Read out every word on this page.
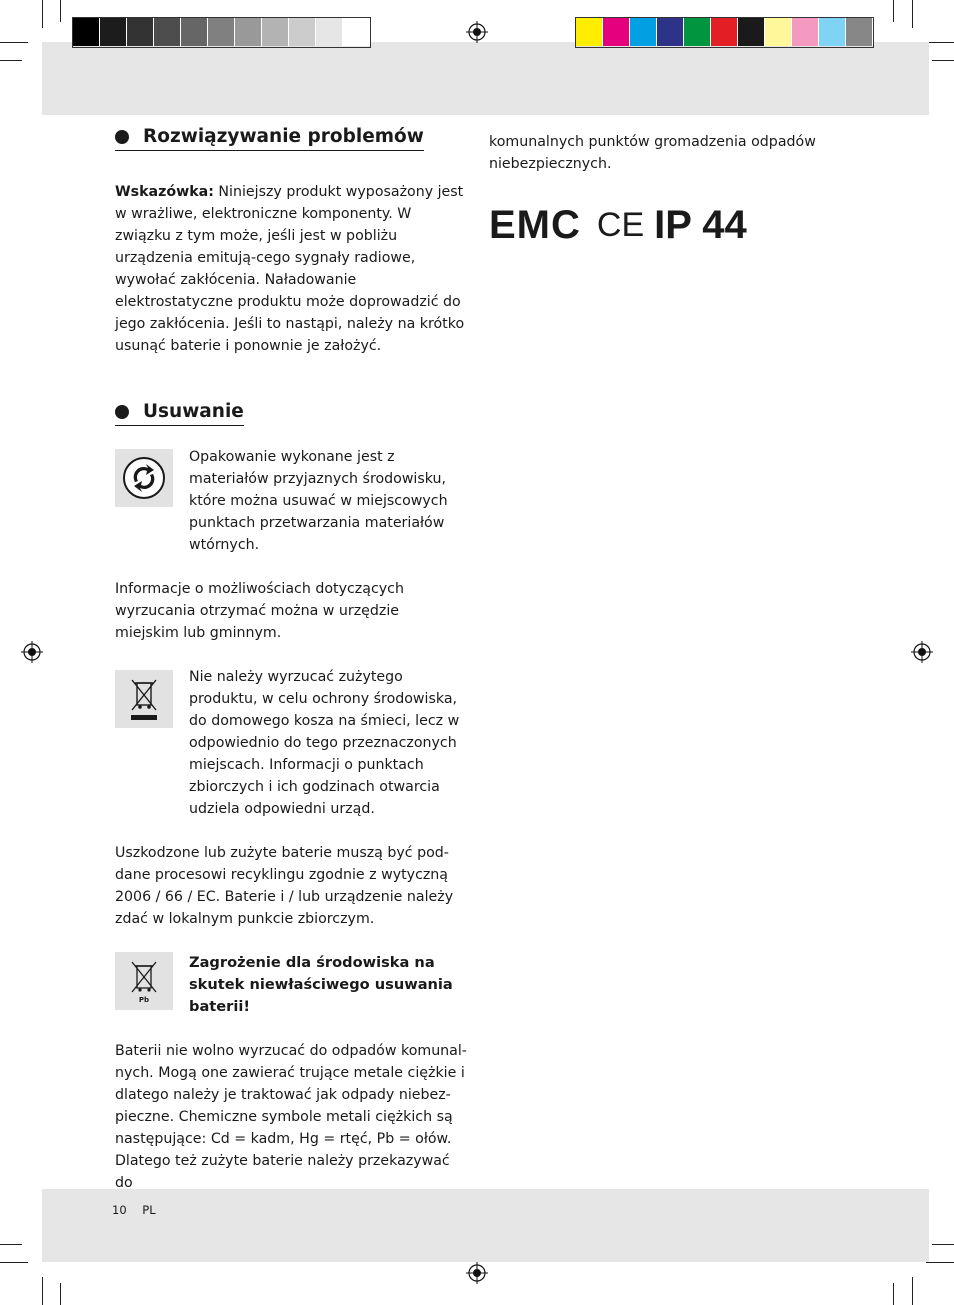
Rozwiązywanie problemów

Wskazówka: Niniejszy produkt wyposażony jest w wrażliwe, elektroniczne komponenty. W związku z tym może, jeśli jest w pobliżu urządzenia emitują-cego sygnały radiowe, wywołać zakłócenia. Naładowanie elektrostatyczne produktu może doprowadzić do jego zakłócenia. Jeśli to nastąpi, należy na krótko usunąć baterie i ponownie je założyć.

Usuwanie

Opakowanie wykonane jest z materiałów przyjaznych środowisku, które można usuwać w miejscowych punktach przetwarzania materiałów wtórnych.

Informacje o możliwościach dotyczących wyrzucania otrzymać można w urzędzie miejskim lub gminnym.

Nie należy wyrzucać zużytego produktu, w celu ochrony środowiska, do domowego kosza na śmieci, lecz w odpowiednio do tego przeznaczonych miejscach. Informacji o punktach zbiorczych i ich godzinach otwarcia udziela odpowiedni urząd.

Uszkodzone lub zużyte baterie muszą być pod-dane procesowi recyklingu zgodnie z wytyczną 2006 / 66 / EC. Baterie i / lub urządzenie należy zdać w lokalnym punkcie zbiorczym.

Pb

Zagrożenie dla środowiska na skutek niewłaściwego usuwania baterii!

Baterii nie wolno wyrzucać do odpadów komunal-nych. Mogą one zawierać trujące metale ciężkie i dlatego należy je traktować jak odpady niebez-pieczne. Chemiczne symbole metali ciężkich są następujące: Cd = kadm, Hg = rtęć, Pb = ołów. Dlatego też zużyte baterie należy przekazywać do

komunalnych punktów gromadzenia odpadów niebezpiecznych.

EMC CE IP 44
10 PL
